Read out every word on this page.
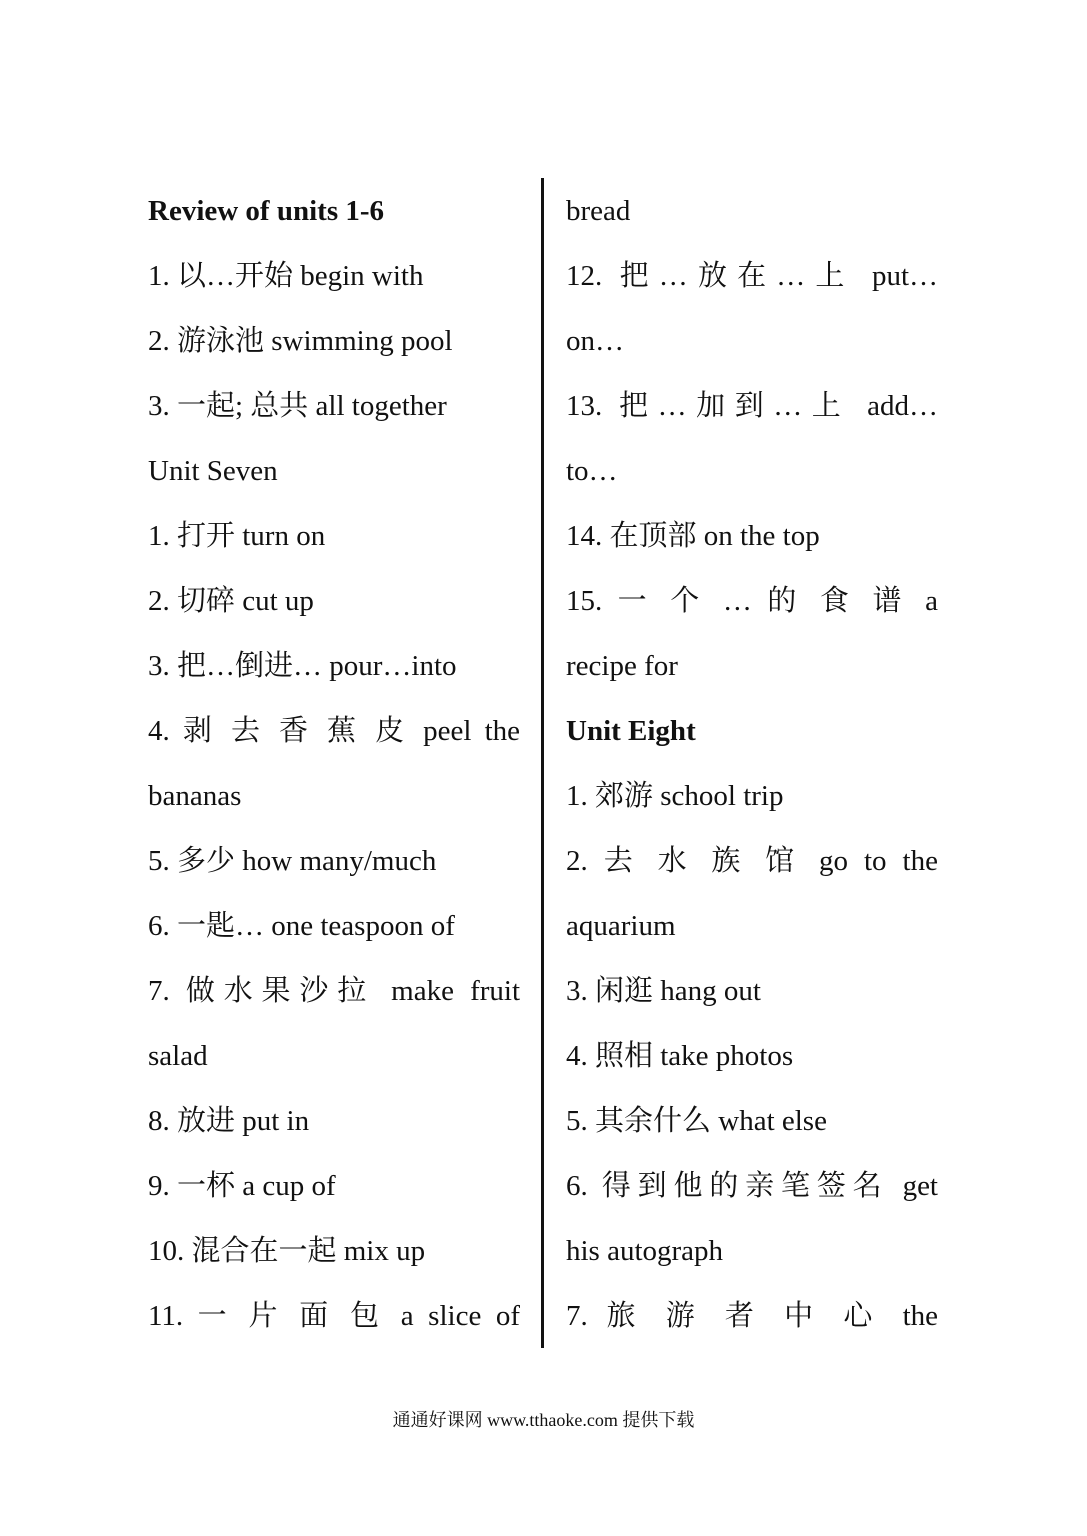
Review of units 1-6
1. 以…开始 begin with
2. 游泳池 swimming pool
3. 一起; 总共 all together
Unit Seven
1. 打开 turn on
2. 切碎 cut up
3. 把…倒进… pour…into
4. 剥 去 香 蕉 皮 peel the
bananas
5. 多少 how many/much
6. 一匙… one teaspoon of
7. 做水果沙拉 make fruit
salad
8. 放进 put in
9. 一杯 a cup of
10. 混合在一起 mix up
11. 一 片 面 包 a slice of
bread
12. 把…放在…上 put…
on…
13. 把…加到…上 add…
to…
14. 在顶部 on the top
15. 一 个 … 的 食 谱 a
recipe for
Unit Eight
1. 郊游 school trip
2. 去 水 族 馆 go to the
aquarium
3. 闲逛 hang out
4. 照相 take photos
5. 其余什么 what else
6. 得到他的亲笔签名 get
his autograph
7. 旅 游 者 中 心 the
通通好课网 www.tthaoke.com 提供下载
